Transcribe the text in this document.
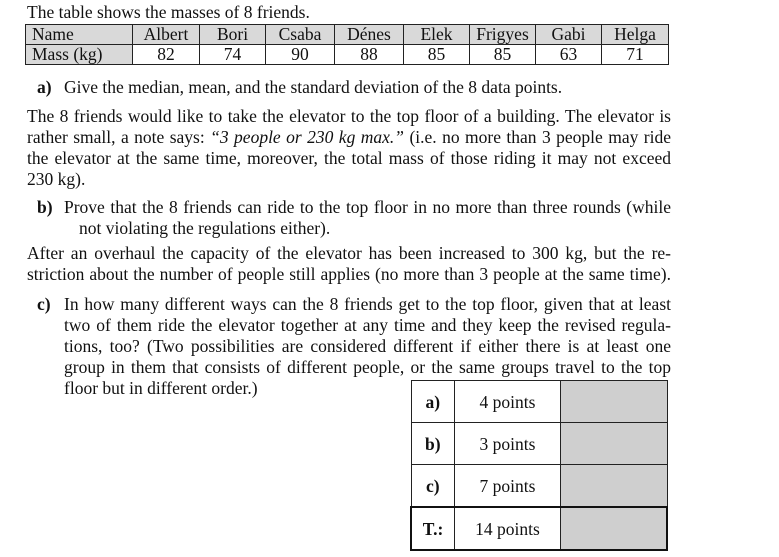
The table shows the masses of 8 friends.
Name	Albert	Bori	Csaba	Dénes	Elek	Frigyes	Gabi	Helga
Mass (kg)	82	74	90	88	85	85	63	71
a) Give the median, mean, and the standard deviation of the 8 data points.
The 8 friends would like to take the elevator to the top floor of a building. The elevator is
rather small, a note says: “3 people or 230 kg max.” (i.e. no more than 3 people may ride
the elevator at the same time, moreover, the total mass of those riding it may not exceed
230 kg).
b) Prove that the 8 friends can ride to the top floor in no more than three rounds (while
not violating the regulations either).
After an overhaul the capacity of the elevator has been increased to 300 kg, but the re-
striction about the number of people still applies (no more than 3 people at the same time).
c) In how many different ways can the 8 friends get to the top floor, given that at least
two of them ride the elevator together at any time and they keep the revised regula-
tions, too? (Two possibilities are considered different if either there is at least one
group in them that consists of different people, or the same groups travel to the top
floor but in different order.)
a)	4 points	
b)	3 points	
c)	7 points	
T.:	14 points	
